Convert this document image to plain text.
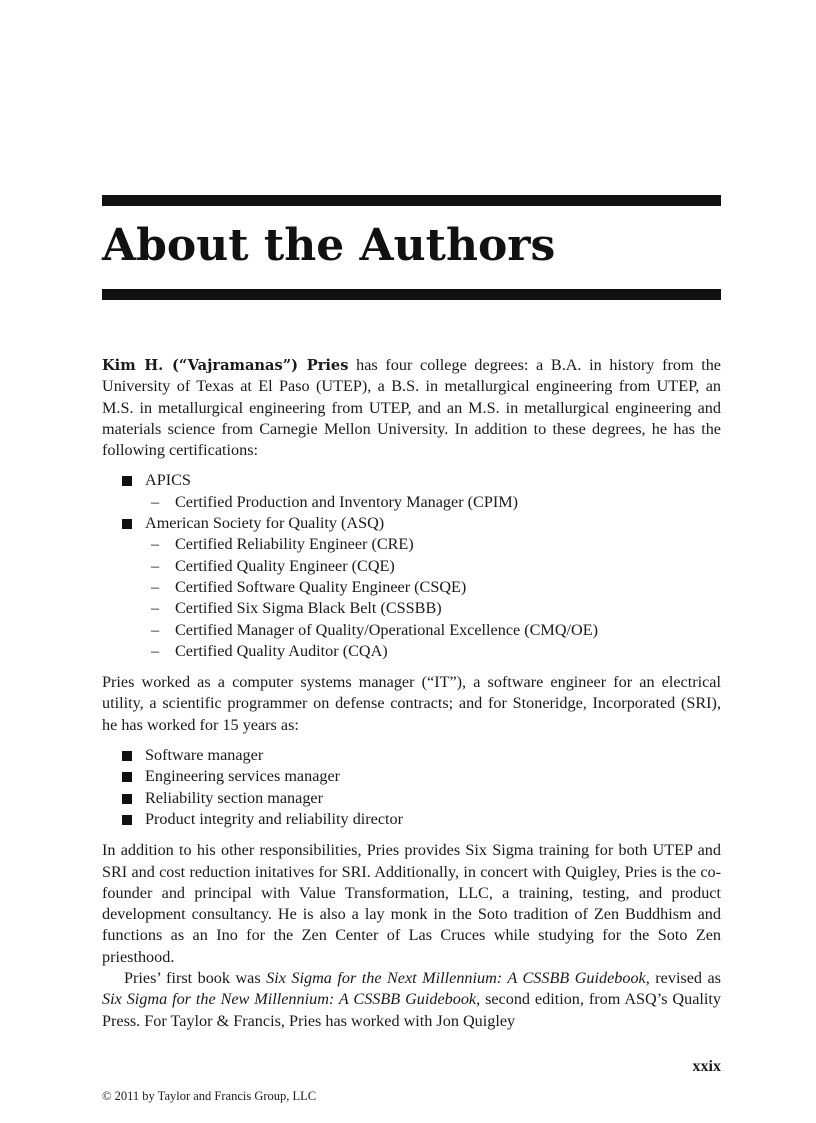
About the Authors

Kim H. (“Vajramanas”) Pries has four college degrees: a B.A. in history from the University of Texas at El Paso (UTEP), a B.S. in metallurgical engineering from UTEP, an M.S. in metallurgical engineering from UTEP, and an M.S. in metallurgical engineering and materials science from Carnegie Mellon University. In addition to these degrees, he has the following certifications:

APICS
– Certified Production and Inventory Manager (CPIM)
American Society for Quality (ASQ)
– Certified Reliability Engineer (CRE)
– Certified Quality Engineer (CQE)
– Certified Software Quality Engineer (CSQE)
– Certified Six Sigma Black Belt (CSSBB)
– Certified Manager of Quality/Operational Excellence (CMQ/OE)
– Certified Quality Auditor (CQA)

Pries worked as a computer systems manager (“IT”), a software engineer for an electrical utility, a scientific programmer on defense contracts; and for Stoneridge, Incorporated (SRI), he has worked for 15 years as:

Software manager
Engineering services manager
Reliability section manager
Product integrity and reliability director

In addition to his other responsibilities, Pries provides Six Sigma training for both UTEP and SRI and cost reduction initatives for SRI. Additionally, in concert with Quigley, Pries is the co-founder and principal with Value Transformation, LLC, a training, testing, and product development consultancy. He is also a lay monk in the Soto tradition of Zen Buddhism and functions as an Ino for the Zen Center of Las Cruces while studying for the Soto Zen priesthood.

Pries’ first book was Six Sigma for the Next Millennium: A CSSBB Guidebook, revised as Six Sigma for the New Millennium: A CSSBB Guidebook, second edition, from ASQ’s Quality Press. For Taylor & Francis, Pries has worked with Jon Quigley

xxix
© 2011 by Taylor and Francis Group, LLC
